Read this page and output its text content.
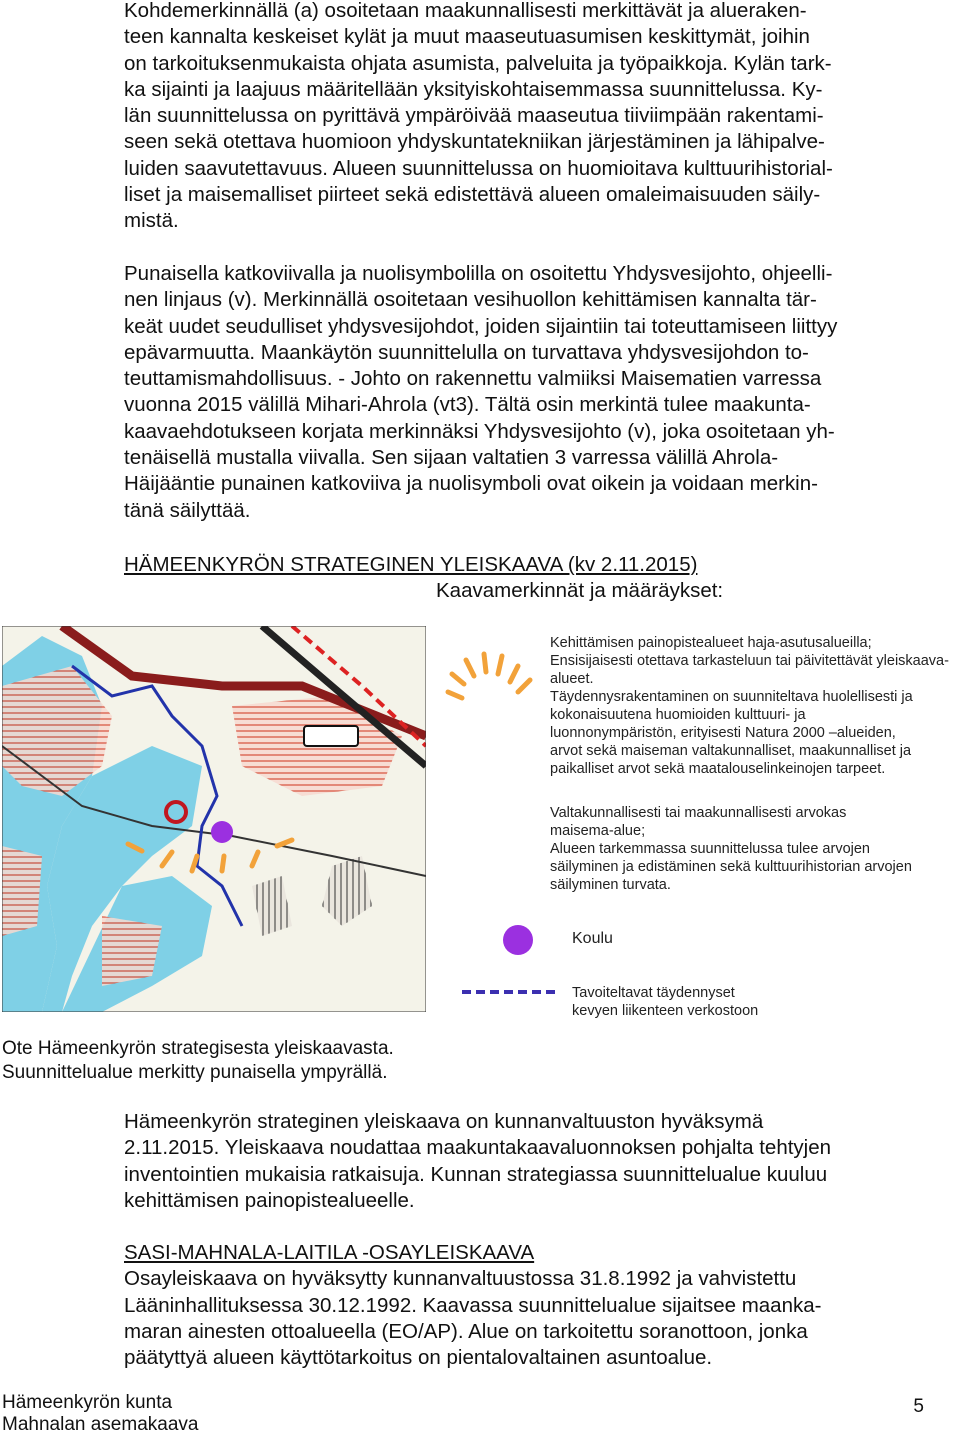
Kohdemerkinnällä (a) osoitetaan maakunnallisesti merkittävät ja alueraken-
teen kannalta keskeiset kylät ja muut maaseutuasumisen keskittymät, joihin
on tarkoituksenmukaista ohjata asumista, palveluita ja työpaikkoja. Kylän tark-
ka sijainti ja laajuus määritellään yksityiskohtaisemmassa suunnittelussa. Ky-
län suunnittelussa on pyrittävä ympäröivää maaseutua tiiviimpään rakentami-
seen sekä otettava huomioon yhdyskuntatekniikan järjestäminen ja lähipalve-
luiden saavutettavuus. Alueen suunnittelussa on huomioitava kulttuurihistorial-
liset ja maisemalliset piirteet sekä edistettävä alueen omaleimaisuuden säily-
mistä.
Punaisella katkoviivalla ja nuolisymbolilla on osoitettu Yhdysvesijohto, ohjeelli-
nen linjaus (v). Merkinnällä osoitetaan vesihuollon kehittämisen kannalta tär-
keät uudet seudulliset yhdysvesijohdot, joiden sijaintiin tai toteuttamiseen liittyy
epävarmuutta. Maankäytön suunnittelulla on turvattava yhdysvesijohdon to-
teuttamismahdollisuus. - Johto on rakennettu valmiiksi Maisematien varressa
vuonna 2015 välillä Mihari-Ahrola (vt3). Tältä osin merkintä tulee maakunta-
kaavaehdotukseen korjata merkinnäksi Yhdysvesijohto (v), joka osoitetaan yh-
tenäisellä mustalla viivalla. Sen sijaan valtatien 3 varressa välillä Ahrola-
Häijääntie punainen katkoviiva ja nuolisymboli ovat oikein ja voidaan merkin-
tänä säilyttää.
HÄMEENKYRÖN STRATEGINEN YLEISKAAVA (kv 2.11.2015)
Kaavamerkinnät ja määräykset:
Kehittämisen painopistealueet haja-asutusalueilla;
Ensisijaisesti otettava tarkasteluun tai päivitettävät yleiskaava-
alueet.
Täydennysrakentaminen on suunniteltava huolellisesti ja
kokonaisuutena huomioiden kulttuuri- ja
luonnonympäristön, erityisesti Natura 2000 –alueiden,
arvot sekä maiseman valtakunnalliset, maakunnalliset ja
paikalliset arvot sekä maatalouselinkeinojen tarpeet.
Valtakunnallisesti tai maakunnallisesti arvokas
maisema-alue;
Alueen tarkemmassa suunnittelussa tulee arvojen
säilyminen ja edistäminen sekä kulttuurihistorian arvojen
säilyminen turvata.
Koulu
Tavoiteltavat täydennyset
kevyen liikenteen verkostoon
Ote Hämeenkyrön strategisesta yleiskaavasta.
Suunnittelualue merkitty punaisella ympyrällä.
Hämeenkyrön strateginen yleiskaava on kunnanvaltuuston hyväksymä
2.11.2015. Yleiskaava noudattaa maakuntakaavaluonnoksen pohjalta tehtyjen
inventointien mukaisia ratkaisuja. Kunnan strategiassa suunnittelualue kuuluu
kehittämisen painopistealueelle.
SASI-MAHNALA-LAITILA -OSAYLEISKAAVA
Osayleiskaava on hyväksytty kunnanvaltuustossa 31.8.1992 ja vahvistettu
Lääninhallituksessa 30.12.1992. Kaavassa suunnittelualue sijaitsee maanka-
maran ainesten ottoalueella (EO/AP). Alue on tarkoitettu soranottoon, jonka
päätyttyä alueen käyttötarkoitus on pientalovaltainen asuntoalue.
Hämeenkyrön kunta
Mahnalan asemakaava
5
